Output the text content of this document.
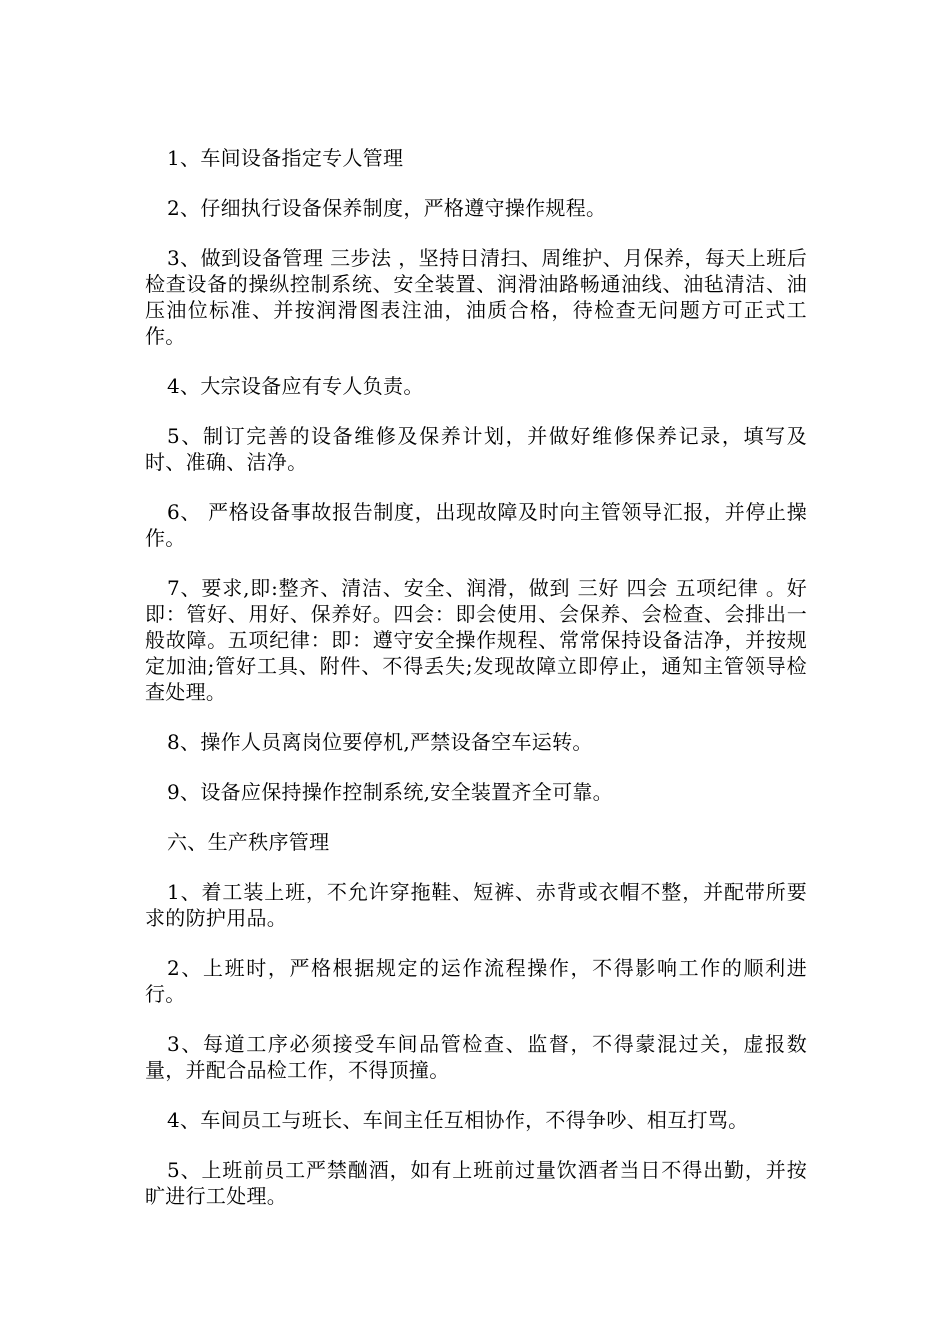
1、车间设备指定专人管理

2、仔细执行设备保养制度，严格遵守操作规程。

3、做到设备管理 三步法 ，坚持日清扫、周维护、月保养，每天上班后检查设备的操纵控制系统、安全装置、润滑油路畅通油线、油毡清洁、油压油位标准、并按润滑图表注油，油质合格，待检查无问题方可正式工作。

4、大宗设备应有专人负责。

5、制订完善的设备维修及保养计划，并做好维修保养记录，填写及时、准确、洁净。

6、 严格设备事故报告制度，出现故障及时向主管领导汇报，并停止操作。

7、要求,即:整齐、清洁、安全、润滑，做到 三好 四会 五项纪律 。好即：管好、用好、保养好。四会：即会使用、会保养、会检查、会排出一般故障。五项纪律：即：遵守安全操作规程、常常保持设备洁净，并按规定加油;管好工具、附件、不得丢失;发现故障立即停止，通知主管领导检查处理。

8、操作人员离岗位要停机,严禁设备空车运转。

9、设备应保持操作控制系统,安全装置齐全可靠。

六、生产秩序管理

1、着工装上班，不允许穿拖鞋、短裤、赤背或衣帽不整，并配带所要求的防护用品。

2、上班时，严格根据规定的运作流程操作，不得影响工作的顺利进行。

3、每道工序必须接受车间品管检查、监督，不得蒙混过关，虚报数量，并配合品检工作，不得顶撞。

4、车间员工与班长、车间主任互相协作，不得争吵、相互打骂。

5、上班前员工严禁酗酒，如有上班前过量饮酒者当日不得出勤，并按旷进行工处理。
